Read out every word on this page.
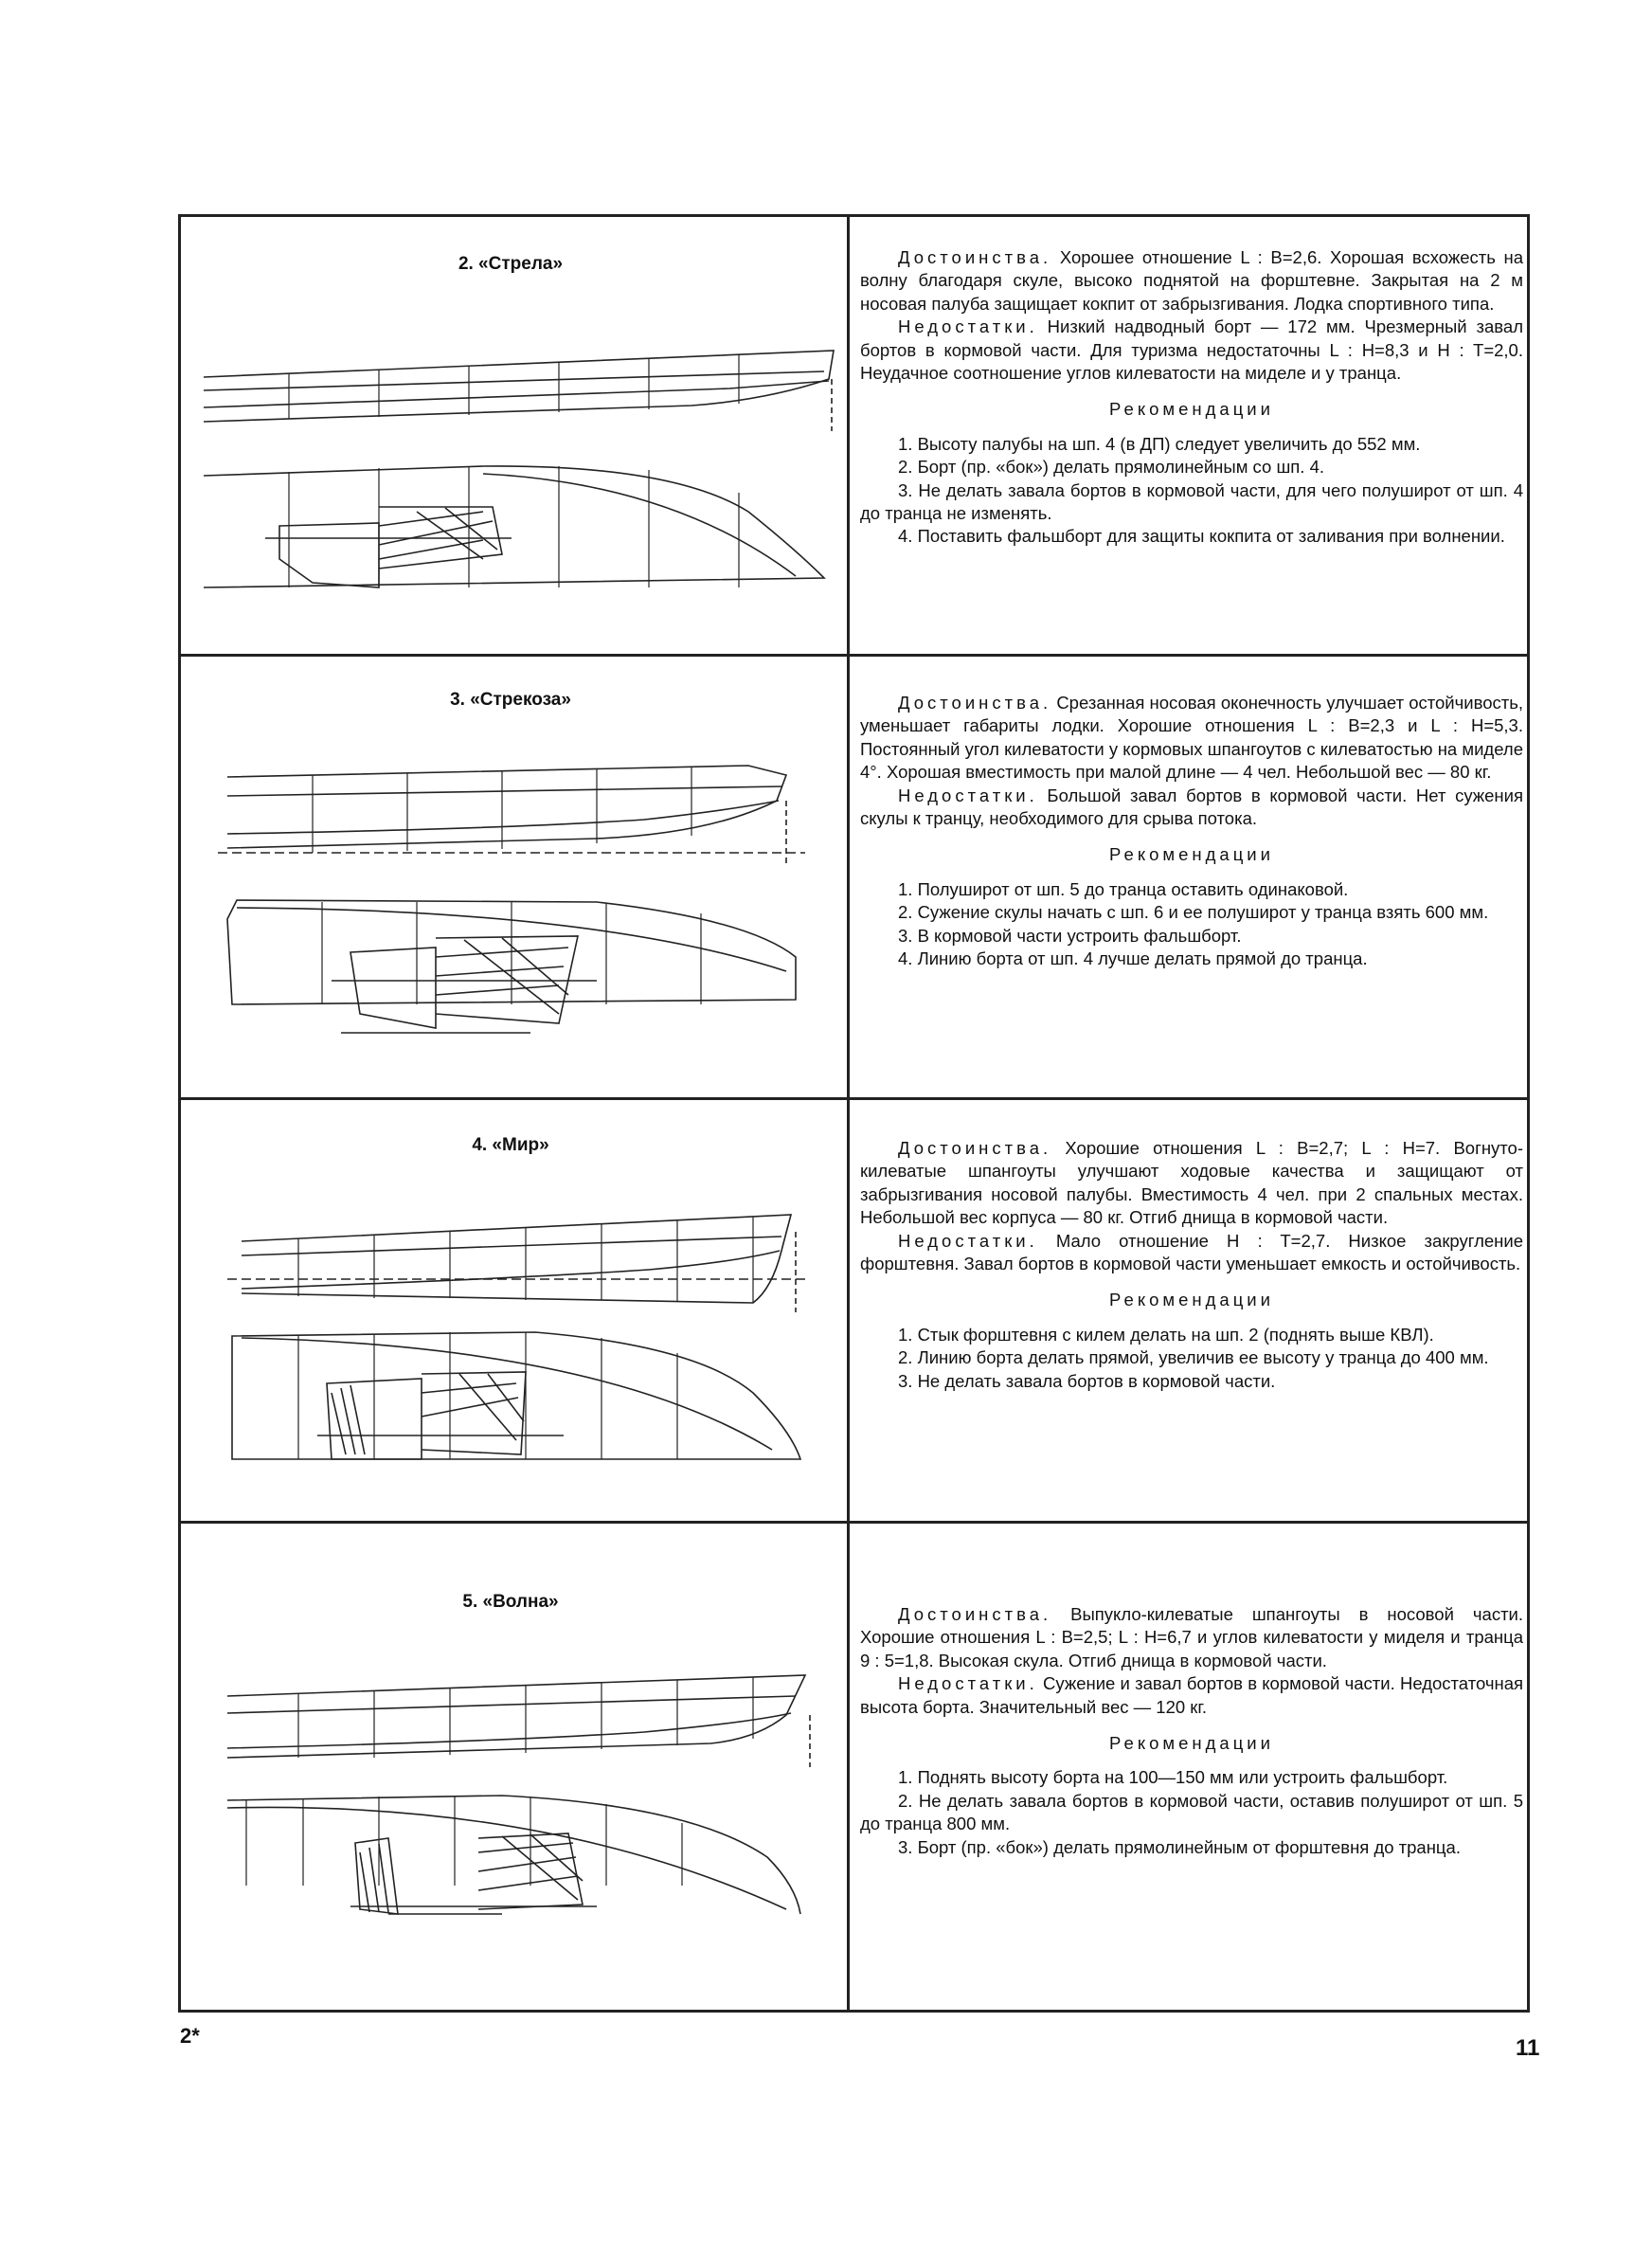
2. «Стрела»	Достоинства. Хорошее отношение L : B=2,6. Хорошая всхожесть на волну благодаря скуле, высоко поднятой на форштевне. Закрытая на 2 м носовая палуба защищает кокпит от забрызгивания. Лодка спортивного типа.

Недостатки. Низкий надводный борт — 172 мм. Чрезмерный завал бортов в кормовой части. Для туризма недостаточны L : H=8,3 и H : T=2,0. Неудачное соотношение углов килеватости на миделе и у транца.

Рекомендации

1. Высоту палубы на шп. 4 (в ДП) следует увеличить до 552 мм.

2. Борт (пр. «бок») делать прямолинейным со шп. 4.

3. Не делать завала бортов в кормовой части, для чего полуширот от шп. 4 до транца не изменять.

4. Поставить фальшборт для защиты кокпита от заливания при волнении.

3. «Стрекоза»	Достоинства. Срезанная носовая оконечность улучшает остойчивость, уменьшает габариты лодки. Хорошие отношения L : B=2,3 и L : H=5,3. Постоянный угол килеватости у кормовых шпангоутов с килеватостью на миделе 4°. Хорошая вместимость при малой длине — 4 чел. Небольшой вес — 80 кг.

Недостатки. Большой завал бортов в кормовой части. Нет сужения скулы к транцу, необходимого для срыва потока.

Рекомендации

1. Полуширот от шп. 5 до транца оставить одинаковой.

2. Сужение скулы начать с шп. 6 и ее полуширот у транца взять 600 мм.

3. В кормовой части устроить фальшборт.

4. Линию борта от шп. 4 лучше делать прямой до транца.

4. «Мир»	Достоинства. Хорошие отношения L : B=2,7; L : H=7. Вогнуто-килеватые шпангоуты улучшают ходовые качества и защищают от забрызгивания носовой палубы. Вместимость 4 чел. при 2 спальных местах. Небольшой вес корпуса — 80 кг. Отгиб днища в кормовой части.

Недостатки. Мало отношение H : T=2,7. Низкое закругление форштевня. Завал бортов в кормовой части уменьшает емкость и остойчивость.

Рекомендации

1. Стык форштевня с килем делать на шп. 2 (поднять выше КВЛ).

2. Линию борта делать прямой, увеличив ее высоту у транца до 400 мм.

3. Не делать завала бортов в кормовой части.

5. «Волна»

Достоинства. Выпукло-килеватые шпангоуты в носовой части. Хорошие отношения L : B=2,5; L : H=6,7 и углов килеватости у миделя и транца 9 : 5=1,8. Высокая скула. Отгиб днища в кормовой части.

Недостатки. Сужение и завал бортов в кормовой части. Недостаточная высота борта. Значительный вес — 120 кг.

Рекомендации

1. Поднять высоту борта на 100—150 мм или устроить фальшборт.

2. Не делать завала бортов в кормовой части, оставив полуширот от шп. 5 до транца 800 мм.

3. Борт (пр. «бок») делать прямолинейным от форштевня до транца.

2*	11
